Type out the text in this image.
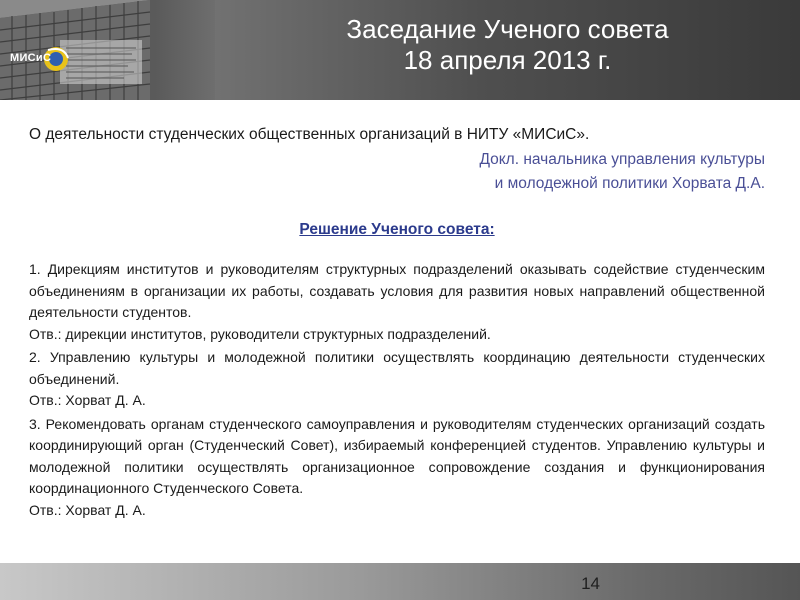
МИСиС
Заседание Ученого совета
18 апреля 2013 г.

О деятельности студенческих общественных организаций в НИТУ «МИСиС».

Докл. начальника управления культуры
и молодежной политики Хорвата Д.А.
Решение Ученого совета:

1. Дирекциям институтов и руководителям структурных подразделений оказывать содействие студенческим объединениям в организации их работы, создавать условия для развития новых направлений общественной деятельности студентов.

Отв.: дирекции институтов, руководители структурных подразделений.

2. Управлению культуры и молодежной политики осуществлять координацию деятельности студенческих объединений.

Отв.: Хорват Д. А.

3. Рекомендовать органам студенческого самоуправления и руководителям студенческих организаций создать координирующий орган (Студенческий Совет), избираемый конференцией студентов. Управлению культуры и молодежной политики осуществлять организационное сопровождение создания и функционирования координационного Студенческого Совета.

Отв.: Хорват Д. А.

14
